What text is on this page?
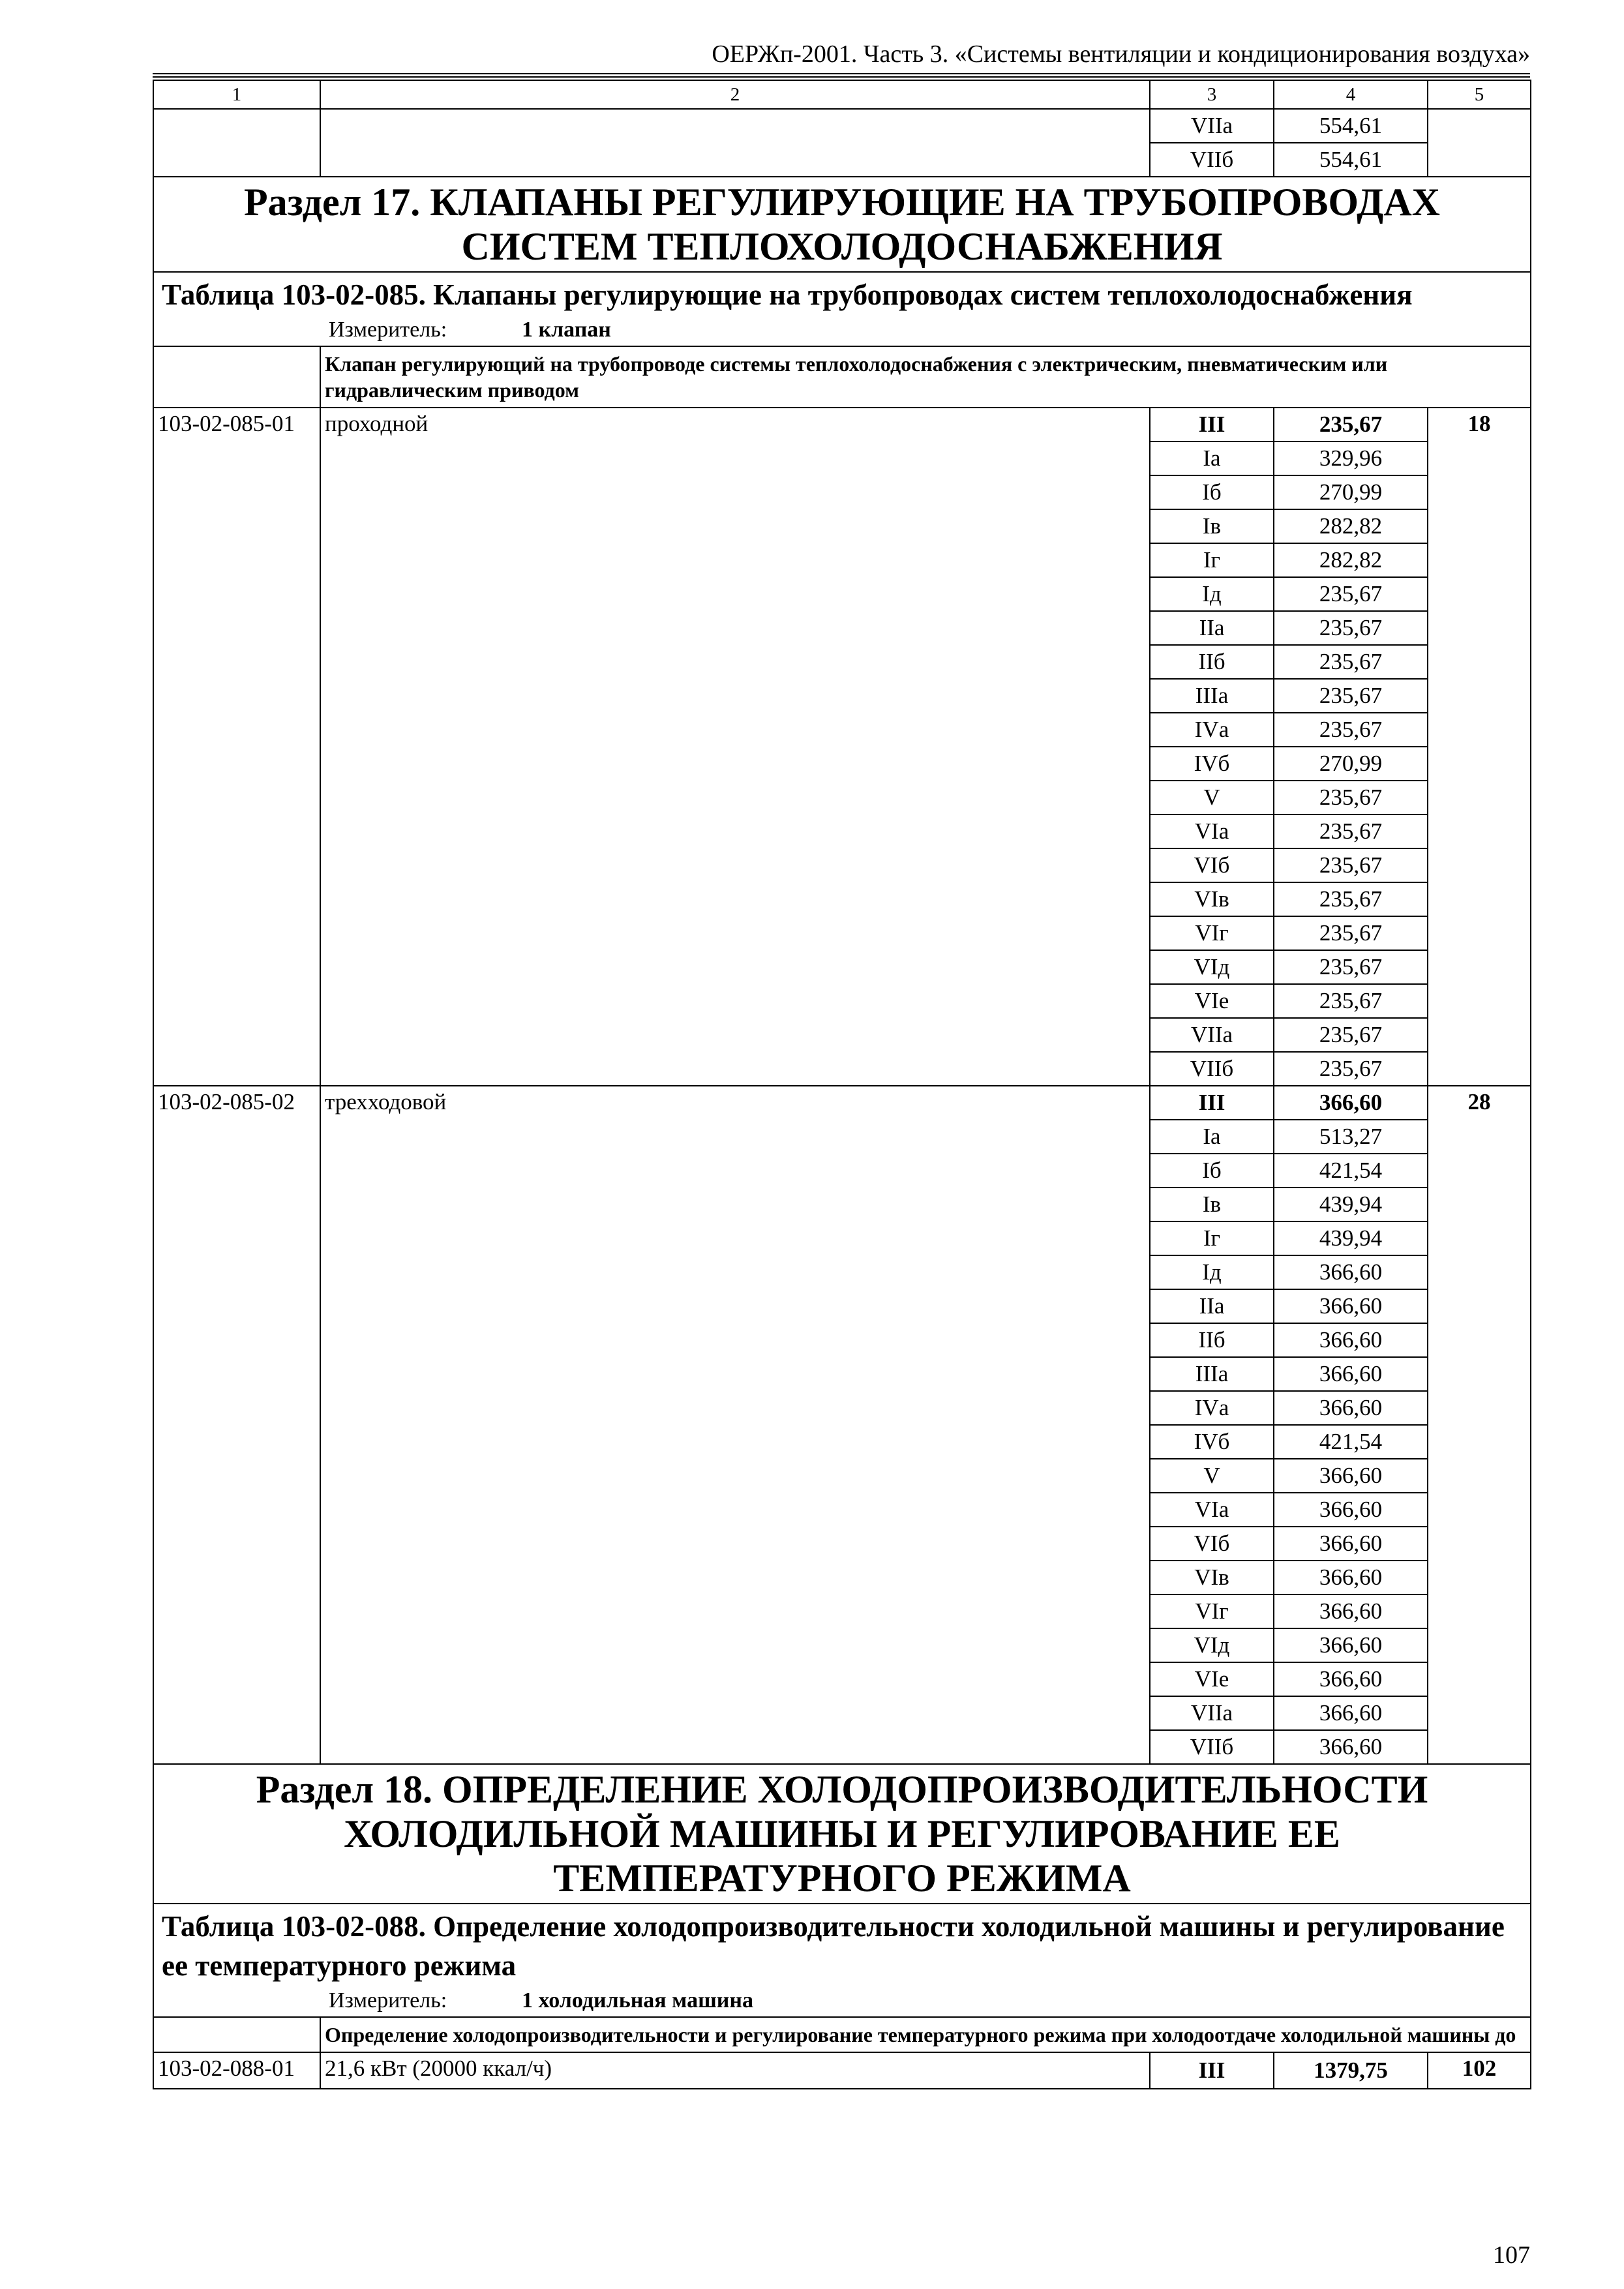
ОЕРЖп-2001. Часть 3. «Системы вентиляции и кондиционирования воздуха»
1	2	3	4	5
		VIIа	554,61	
		VIIб	554,61	
Раздел 17. КЛАПАНЫ РЕГУЛИРУЮЩИЕ НА ТРУБОПРОВОДАХ СИСТЕМ ТЕПЛОХОЛОДОСНАБЖЕНИЯ				

Таблица 103-02-085. Клапаны регулирующие на трубопроводах систем теплохолодоснабжения
Измеритель: 1 клапан				

	Клапан регулирующий на трубопроводе системы теплохолодоснабжения с электрическим, пневматическим или гидравлическим приводом			
103-02-085-01	проходной	III	235,67	18
		Iа	329,96	
		Iб	270,99	
		Iв	282,82	
		Iг	282,82	
		Iд	235,67	
		IIа	235,67	
		IIб	235,67	
		IIIа	235,67	
		IVа	235,67	
		IVб	270,99	
		V	235,67	
		VIа	235,67	
		VIб	235,67	
		VIв	235,67	
		VIг	235,67	
		VIд	235,67	
		VIе	235,67	
		VIIа	235,67	
		VIIб	235,67	
103-02-085-02	трехходовой	III	366,60	28
		Iа	513,27	
		Iб	421,54	
		Iв	439,94	
		Iг	439,94	
		Iд	366,60	
		IIа	366,60	
		IIб	366,60	
		IIIа	366,60	
		IVа	366,60	
		IVб	421,54	
		V	366,60	
		VIа	366,60	
		VIб	366,60	
		VIв	366,60	
		VIг	366,60	
		VIд	366,60	
		VIе	366,60	
		VIIа	366,60	
		VIIб	366,60	
Раздел 18. ОПРЕДЕЛЕНИЕ ХОЛОДОПРОИЗВОДИТЕЛЬНОСТИ ХОЛОДИЛЬНОЙ МАШИНЫ И РЕГУЛИРОВАНИЕ ЕЕ ТЕМПЕРАТУРНОГО РЕЖИМА				

Таблица 103-02-088. Определение холодопроизводительности холодильной машины и регулирование ее температурного режима
Измеритель: 1 холодильная машина				

	Определение холодопроизводительности и регулирование температурного режима при холодоотдаче холодильной машины до			
103-02-088-01	21,6 кВт (20000 ккал/ч)	III	1379,75	102
107
